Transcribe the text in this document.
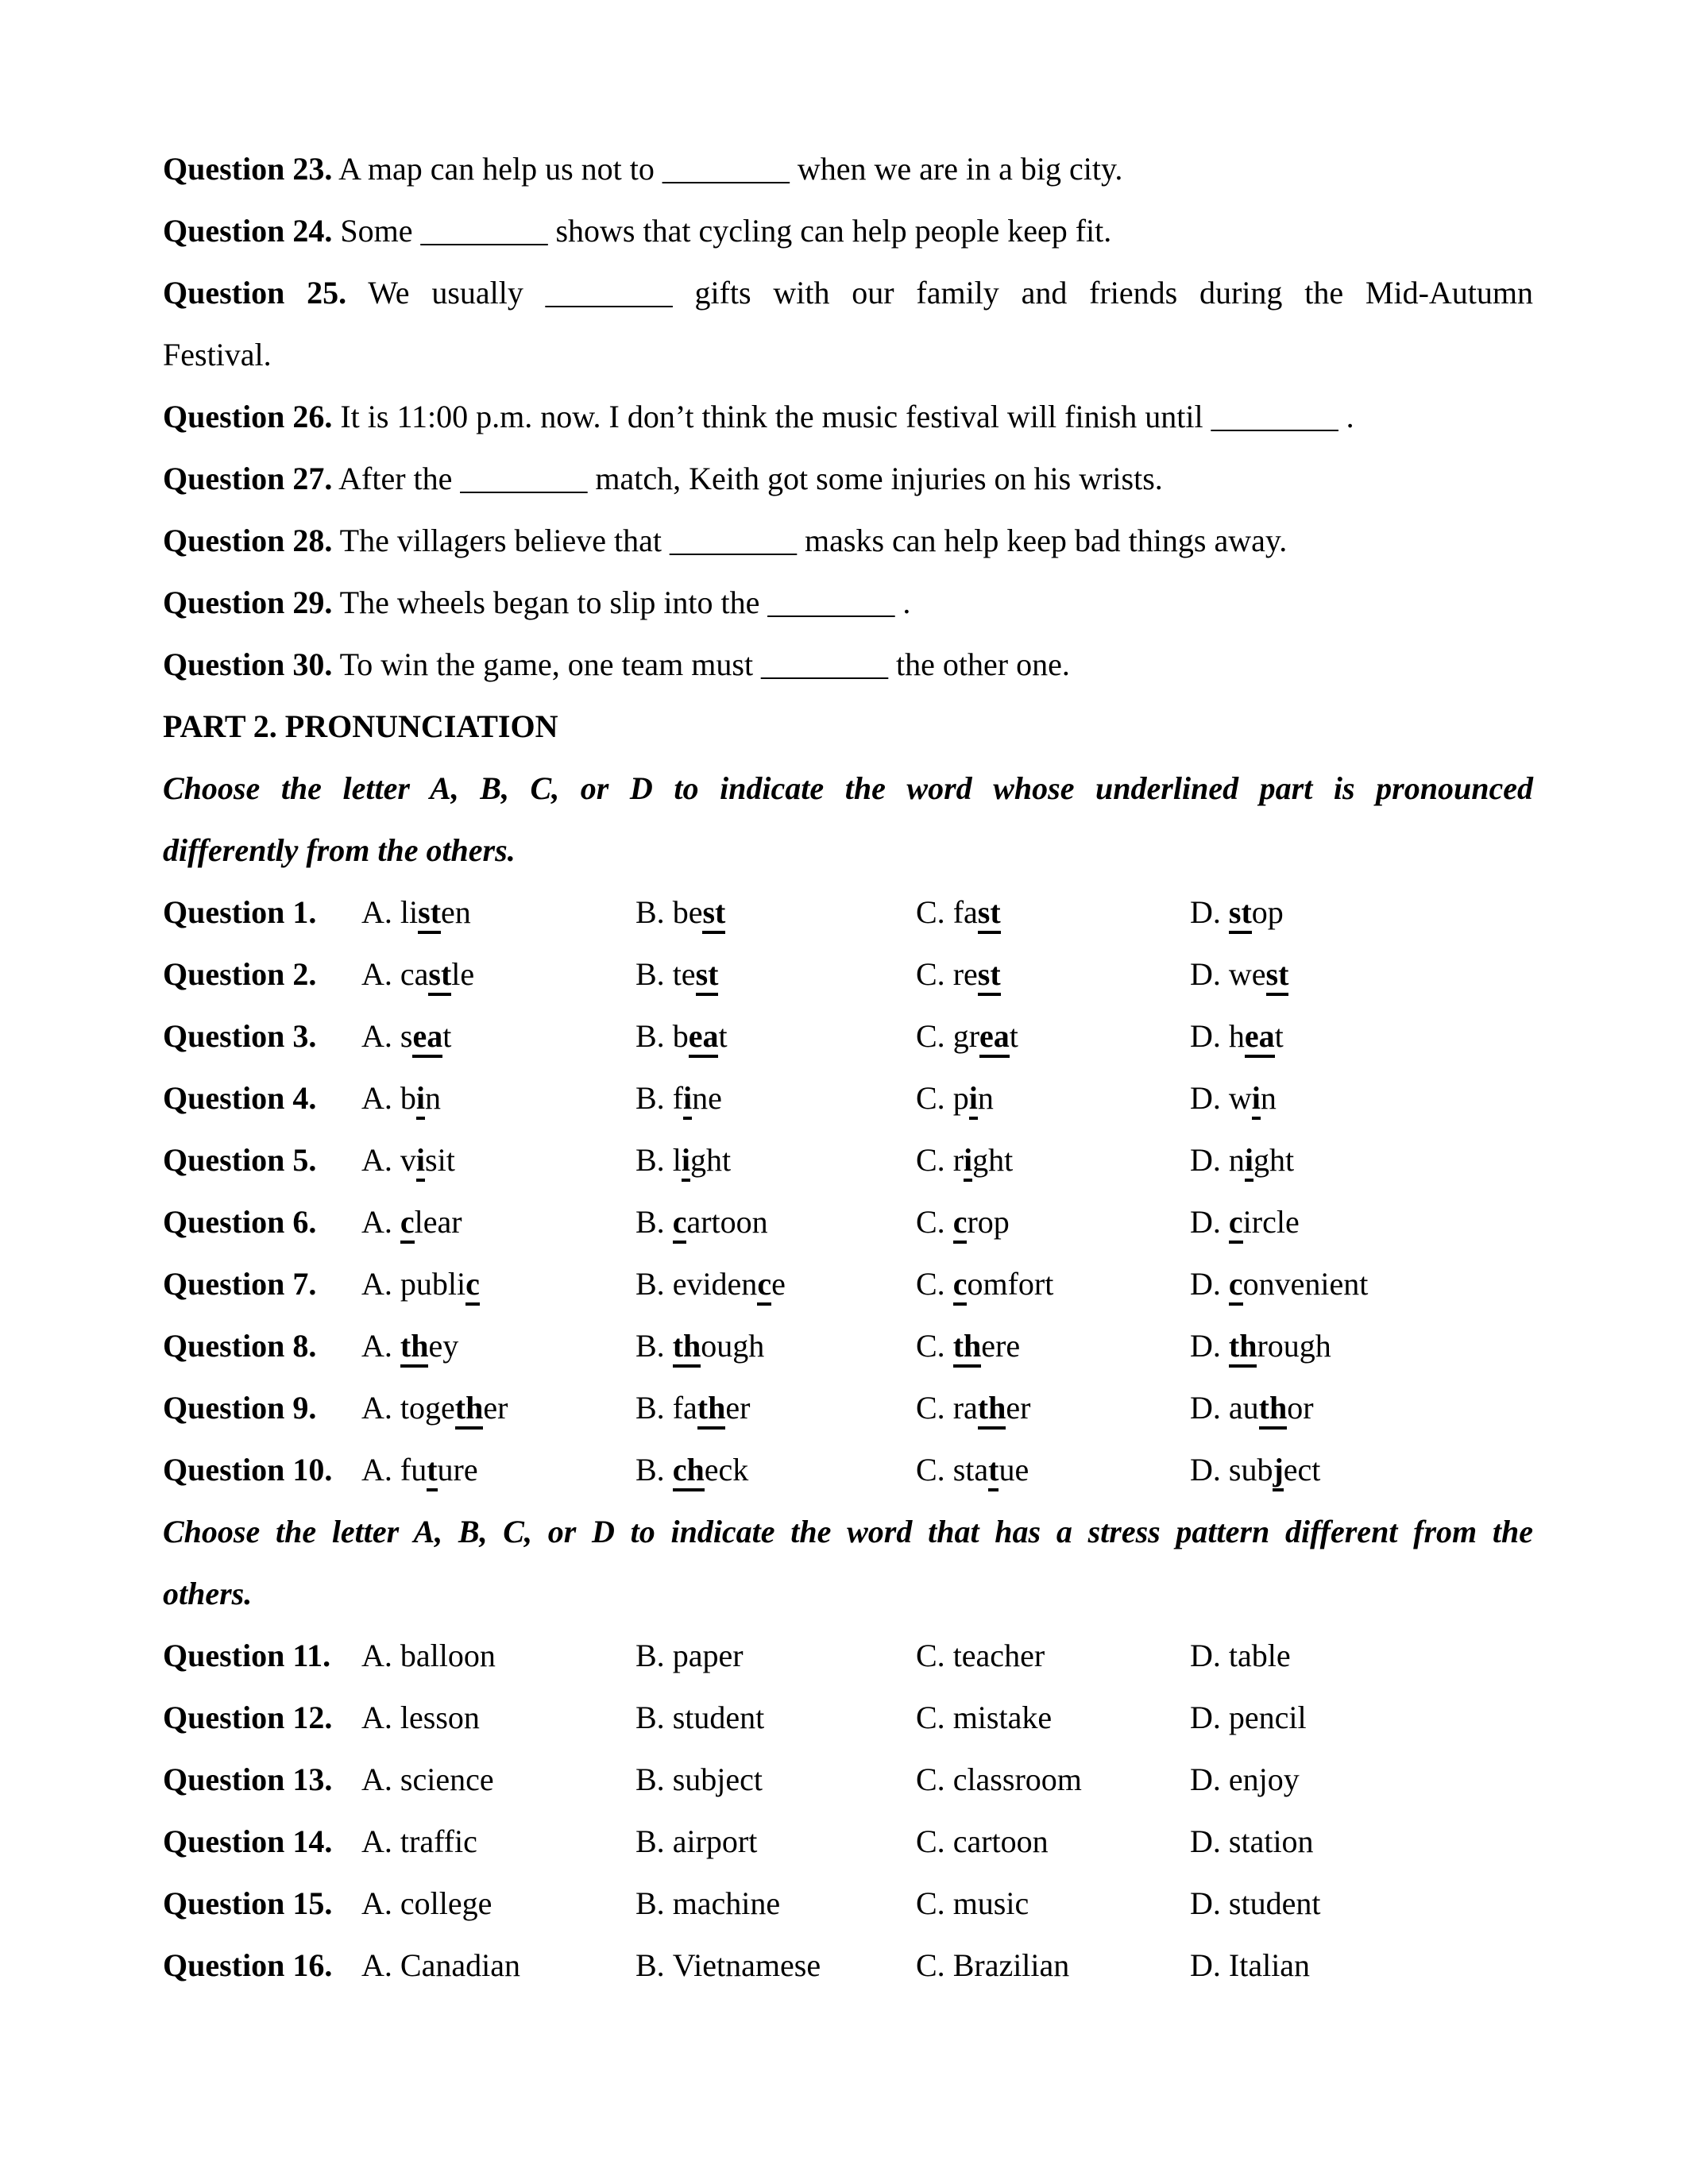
Question 23. A map can help us not to ________ when we are in a big city.

Question 24. Some ________ shows that cycling can help people keep fit.

Question 25. We usually ________ gifts with our family and friends during the Mid-Autumn
Festival.

Question 26. It is 11:00 p.m. now. I don’t think the music festival will finish until ________ .

Question 27. After the ________ match, Keith got some injuries on his wrists.

Question 28. The villagers believe that ________ masks can help keep bad things away.

Question 29. The wheels began to slip into the ________ .

Question 30. To win the game, one team must ________ the other one.

PART 2. PRONUNCIATION

Choose the letter A, B, C, or D to indicate the word whose underlined part is pronounced
differently from the others.

Question 1.	A. listen	B. best	C. fast	D. stop
Question 2.	A. castle	B. test	C. rest	D. west
Question 3.	A. seat	B. beat	C. great	D. heat
Question 4.	A. bin	B. fine	C. pin	D. win
Question 5.	A. visit	B. light	C. right	D. night
Question 6.	A. clear	B. cartoon	C. crop	D. circle
Question 7.	A. public	B. evidence	C. comfort	D. convenient
Question 8.	A. they	B. though	C. there	D. through
Question 9.	A. together	B. father	C. rather	D. author
Question 10. A. future	B. check	C. statue	D. subject

Choose the letter A, B, C, or D to indicate the word that has a stress pattern different from the
others.

Question 11. A. balloon	B. paper	C. teacher	D. table
Question 12. A. lesson	B. student	C. mistake	D. pencil
Question 13. A. science	B. subject	C. classroom	D. enjoy
Question 14. A. traffic	B. airport	C. cartoon	D. station
Question 15. A. college	B. machine	C. music	D. student
Question 16. A. Canadian	B. Vietnamese	C. Brazilian	D. Italian
